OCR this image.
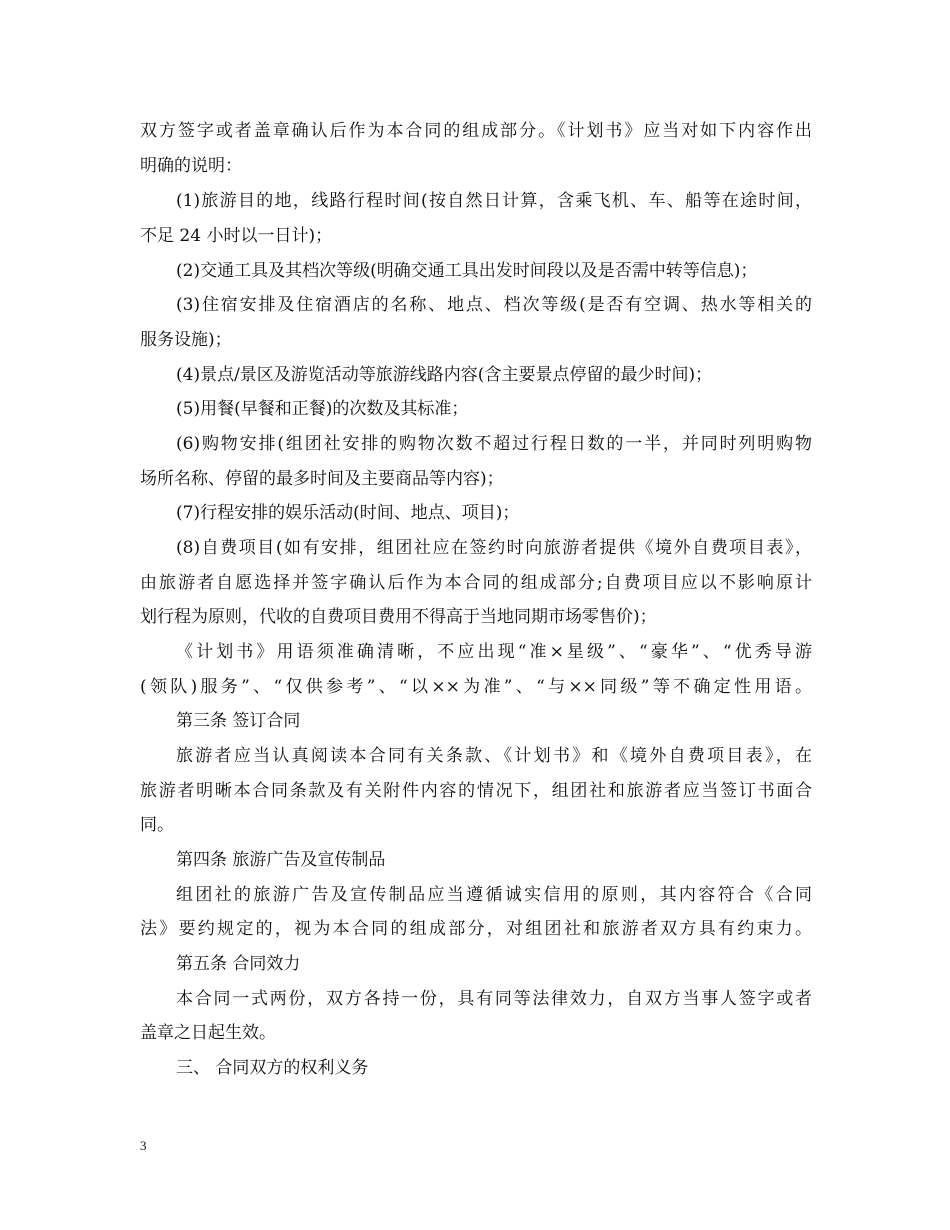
双方签字或者盖章确认后作为本合同的组成部分。《计划书》应当对如下内容作出
明确的说明：
(1)旅游目的地，线路行程时间(按自然日计算，含乘飞机、车、船等在途时间，
不足 24 小时以一日计)；
(2)交通工具及其档次等级(明确交通工具出发时间段以及是否需中转等信息)；
(3)住宿安排及住宿酒店的名称、地点、档次等级(是否有空调、热水等相关的
服务设施)；
(4)景点/景区及游览活动等旅游线路内容(含主要景点停留的最少时间)；
(5)用餐(早餐和正餐)的次数及其标准；
(6)购物安排(组团社安排的购物次数不超过行程日数的一半，并同时列明购物
场所名称、停留的最多时间及主要商品等内容)；
(7)行程安排的娱乐活动(时间、地点、项目)；
(8)自费项目(如有安排，组团社应在签约时向旅游者提供《境外自费项目表》，
由旅游者自愿选择并签字确认后作为本合同的组成部分;自费项目应以不影响原计
划行程为原则，代收的自费项目费用不得高于当地同期市场零售价)；
《计划书》用语须准确清晰，不应出现“准×星级”、“豪华”、“优秀导游
(领队)服务”、“仅供参考”、“以××为准”、“与××同级”等不确定性用语。
第三条 签订合同
旅游者应当认真阅读本合同有关条款、《计划书》和《境外自费项目表》，在
旅游者明晰本合同条款及有关附件内容的情况下，组团社和旅游者应当签订书面合
同。
第四条 旅游广告及宣传制品
组团社的旅游广告及宣传制品应当遵循诚实信用的原则，其内容符合《合同
法》要约规定的，视为本合同的组成部分，对组团社和旅游者双方具有约束力。
第五条 合同效力
本合同一式两份，双方各持一份，具有同等法律效力，自双方当事人签字或者
盖章之日起生效。
三、 合同双方的权利义务
3
